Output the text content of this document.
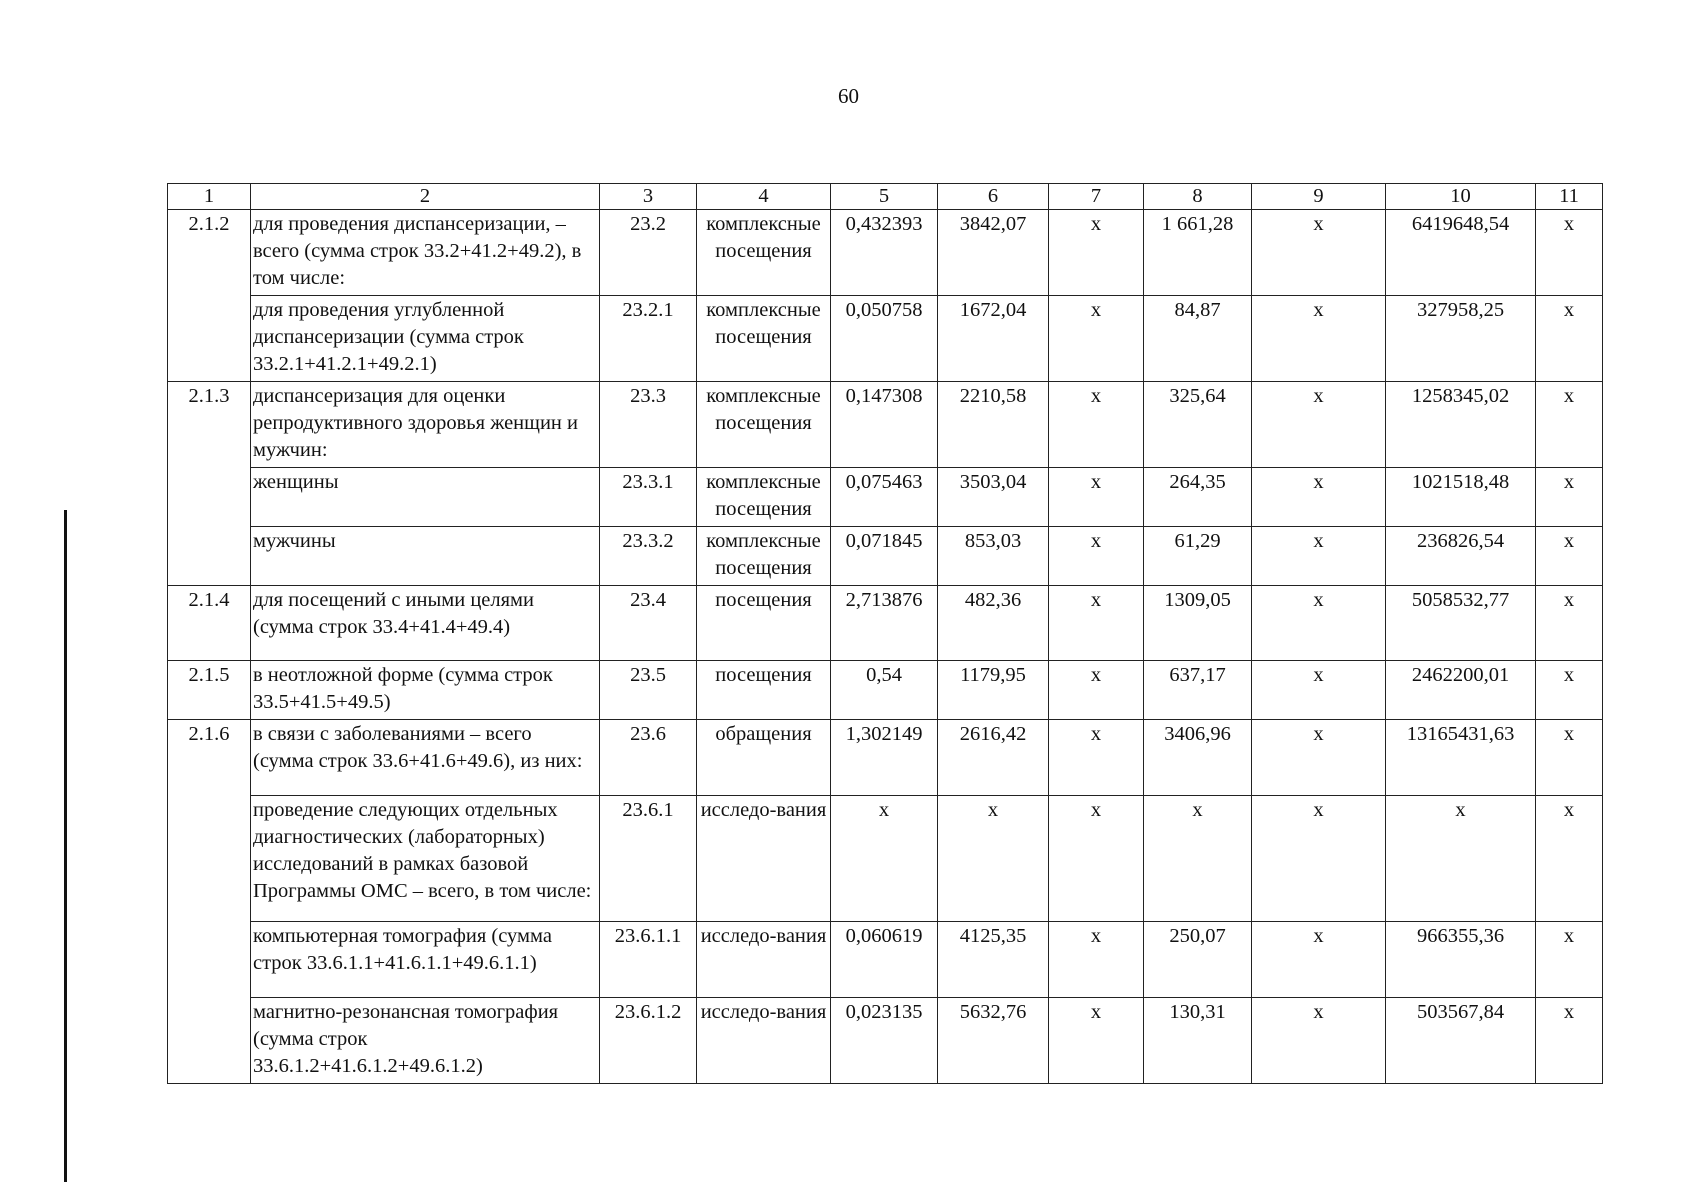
60
1	2	3	4	5	6	7	8	9	10	11
2.1.2	для проведения диспансеризации, – всего (сумма строк 33.2+41.2+49.2), в том числе:	23.2	комплексные посещения	0,432393	3842,07	х	1 661,28	х	6419648,54	х
	для проведения углубленной диспансеризации (сумма строк 33.2.1+41.2.1+49.2.1)	23.2.1	комплексные посещения	0,050758	1672,04	х	84,87	х	327958,25	х
2.1.3	диспансеризация для оценки репродуктивного здоровья женщин и мужчин:	23.3	комплексные посещения	0,147308	2210,58	х	325,64	х	1258345,02	х
	женщины	23.3.1	комплексные посещения	0,075463	3503,04	х	264,35	х	1021518,48	х
	мужчины	23.3.2	комплексные посещения	0,071845	853,03	х	61,29	х	236826,54	х
2.1.4	для посещений с иными целями (сумма строк 33.4+41.4+49.4)	23.4	посещения	2,713876	482,36	х	1309,05	х	5058532,77	х
2.1.5	в неотложной форме (сумма строк 33.5+41.5+49.5)	23.5	посещения	0,54	1179,95	х	637,17	х	2462200,01	х
2.1.6	в связи с заболеваниями – всего (сумма строк 33.6+41.6+49.6), из них:	23.6	обращения	1,302149	2616,42	х	3406,96	х	13165431,63	х
	проведение следующих отдельных диагностических (лабораторных) исследований в рамках базовой Программы ОМС – всего, в том числе:	23.6.1	исследо-вания	х	х	х	х	х	х	х
	компьютерная томография (сумма строк 33.6.1.1+41.6.1.1+49.6.1.1)	23.6.1.1	исследо-вания	0,060619	4125,35	х	250,07	х	966355,36	х
	магнитно-резонансная томография (сумма строк 33.6.1.2+41.6.1.2+49.6.1.2)	23.6.1.2	исследо-вания	0,023135	5632,76	х	130,31	х	503567,84	х
